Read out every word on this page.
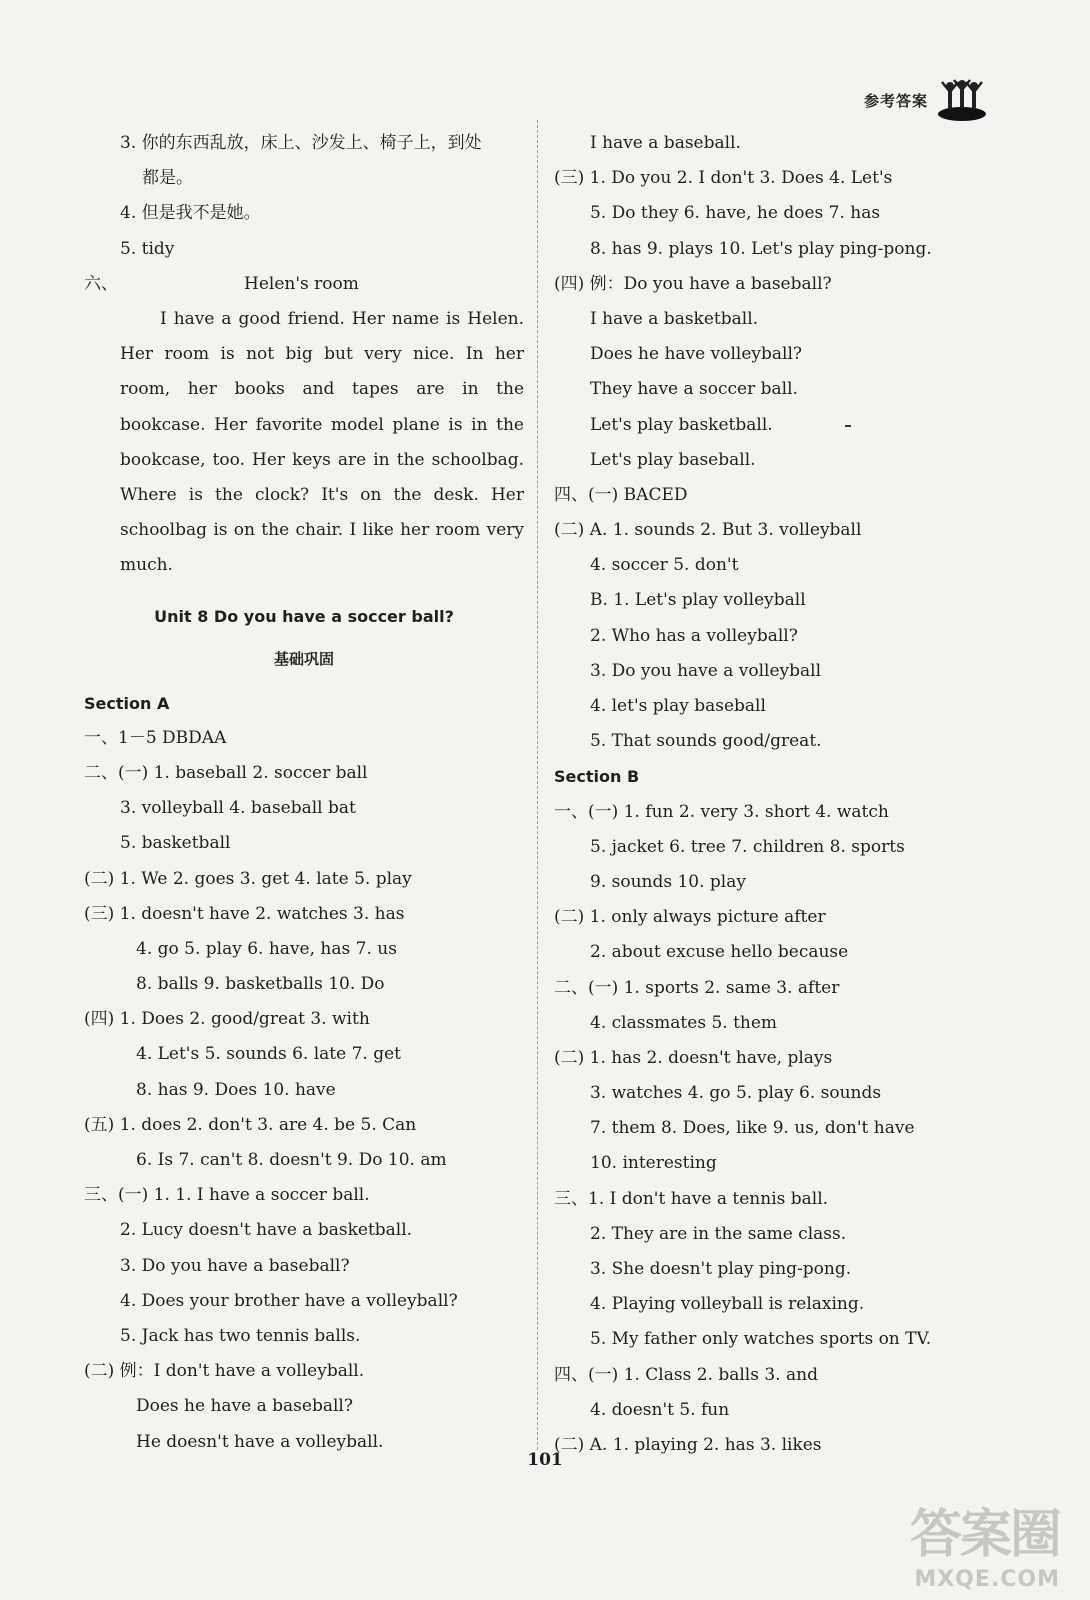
参考答案
3. 你的东西乱放，床上、沙发上、椅子上，到处
都是。
4. 但是我不是她。
5. tidy
六、	Helen's room
I have a good friend. Her name is Helen. Her room is not big but very nice. In her room, her books and tapes are in the bookcase. Her favorite model plane is in the bookcase, too. Her keys are in the schoolbag. Where is the clock? It's on the desk. Her schoolbag is on the chair. I like her room very much.
Unit 8 Do you have a soccer ball?
基础巩固
Section A
一、1－5 DBDAA
二、(一) 1. baseball 2. soccer ball
3. volleyball 4. baseball bat
5. basketball
(二) 1. We 2. goes 3. get 4. late 5. play
(三) 1. doesn't have 2. watches 3. has
4. go 5. play 6. have, has 7. us
8. balls 9. basketballs 10. Do
(四) 1. Does 2. good/great 3. with
4. Let's 5. sounds 6. late 7. get
8. has 9. Does 10. have
(五) 1. does 2. don't 3. are 4. be 5. Can
6. Is 7. can't 8. doesn't 9. Do 10. am
三、(一) 1. 1. I have a soccer ball.
2. Lucy doesn't have a basketball.
3. Do you have a baseball?
4. Does your brother have a volleyball?
5. Jack has two tennis balls.
(二) 例：I don't have a volleyball.
Does he have a baseball?
He doesn't have a volleyball.
I have a baseball.
(三) 1. Do you 2. I don't 3. Does 4. Let's
5. Do they 6. have, he does 7. has
8. has 9. plays 10. Let's play ping-pong.
(四) 例：Do you have a baseball?
I have a basketball.
Does he have volleyball?
They have a soccer ball.
Let's play basketball.
Let's play baseball.
四、(一) BACED
(二) A. 1. sounds 2. But 3. volleyball
4. soccer 5. don't
B. 1. Let's play volleyball
2. Who has a volleyball?
3. Do you have a volleyball
4. let's play baseball
5. That sounds good/great.
Section B
一、(一) 1. fun 2. very 3. short 4. watch
5. jacket 6. tree 7. children 8. sports
9. sounds 10. play
(二) 1. only always picture after
2. about excuse hello because
二、(一) 1. sports 2. same 3. after
4. classmates 5. them
(二) 1. has 2. doesn't have, plays
3. watches 4. go 5. play 6. sounds
7. them 8. Does, like 9. us, don't have
10. interesting
三、1. I don't have a tennis ball.
2. They are in the same class.
3. She doesn't play ping-pong.
4. Playing volleyball is relaxing.
5. My father only watches sports on TV.
四、(一) 1. Class 2. balls 3. and
4. doesn't 5. fun
(二) A. 1. playing 2. has 3. likes
101
答案圈
MXQE.COM
